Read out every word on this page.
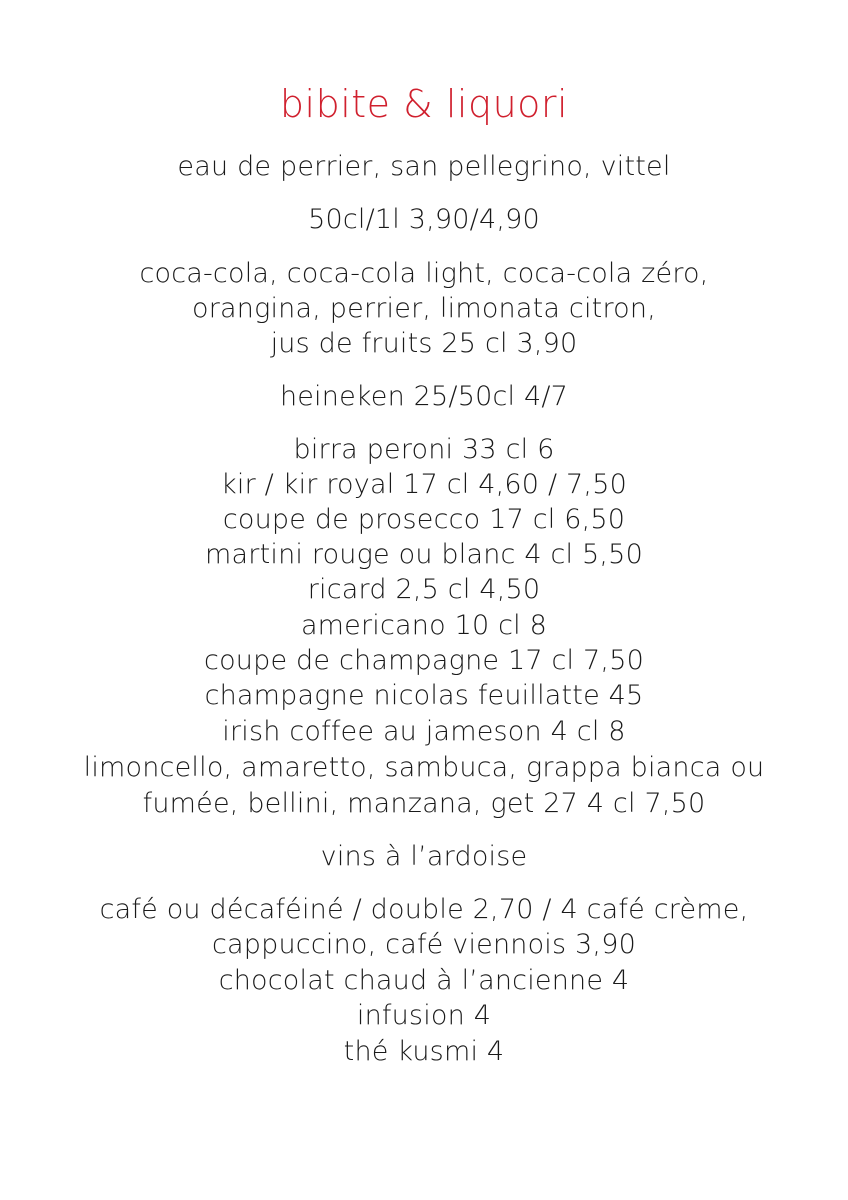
bibite & liquori
eau de perrier, san pellegrino, vittel
50cl/1l 3,90/4,90
coca-cola, coca-cola light, coca-cola zéro,
orangina, perrier, limonata citron,
jus de fruits 25 cl 3,90
heineken 25/50cl 4/7
birra peroni 33 cl 6
kir / kir royal 17 cl 4,60 / 7,50
coupe de prosecco 17 cl 6,50
martini rouge ou blanc 4 cl 5,50
ricard 2,5 cl 4,50
americano 10 cl 8
coupe de champagne 17 cl 7,50
champagne nicolas feuillatte 45
irish coffee au jameson 4 cl 8
limoncello, amaretto, sambuca, grappa bianca ou
fumée, bellini, manzana, get 27 4 cl 7,50
vins à l’ardoise
café ou décaféiné / double 2,70 / 4 café crème,
cappuccino, café viennois 3,90
chocolat chaud à l’ancienne 4
infusion 4
thé kusmi 4
